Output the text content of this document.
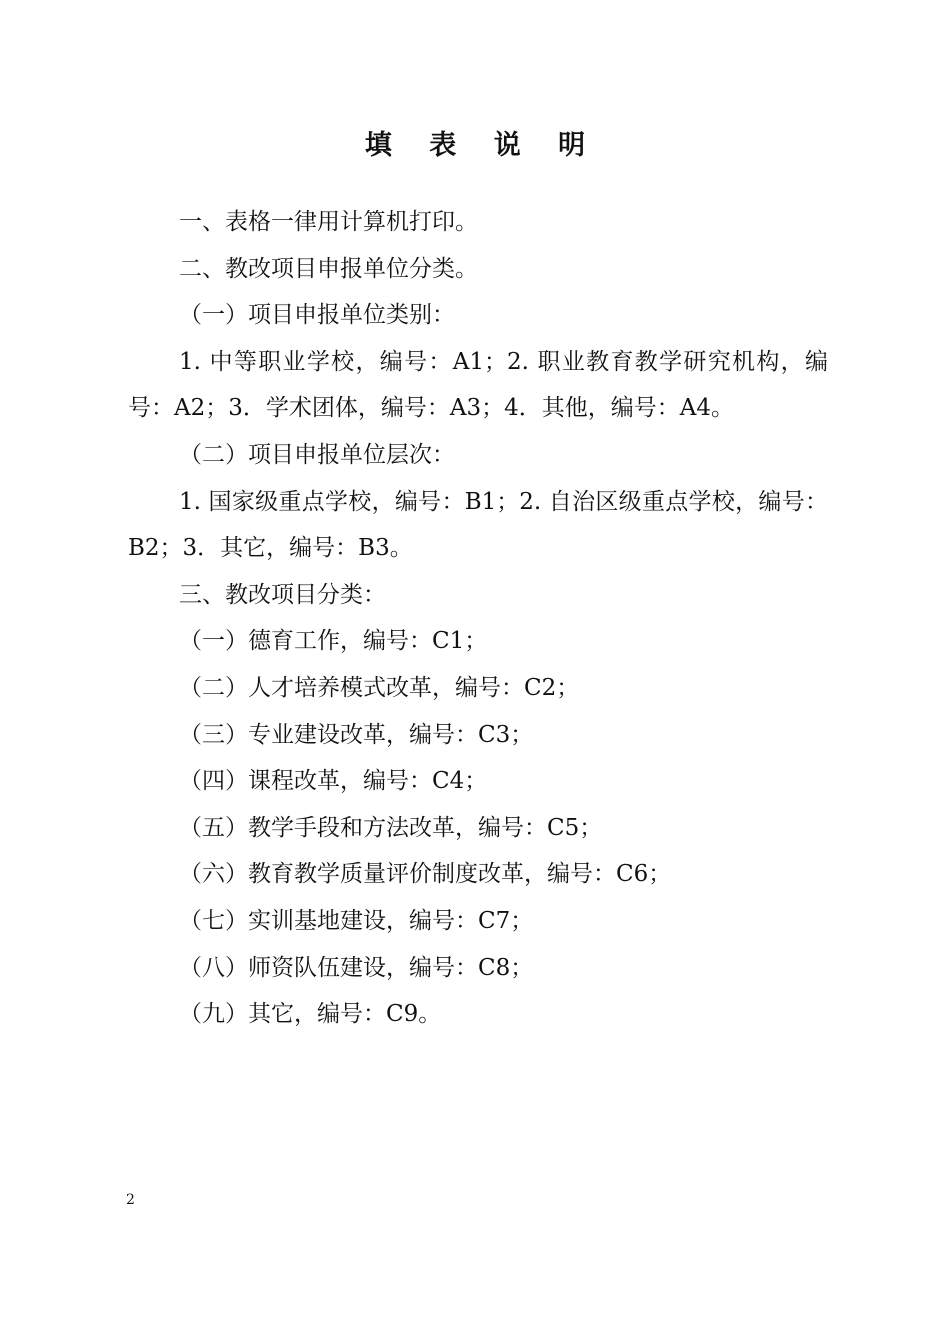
填 表 说 明

一、表格一律用计算机打印。

二、教改项目申报单位分类。

（一）项目申报单位类别：

1. 中等职业学校，编号：A1；2. 职业教育教学研究机构，编号：A2；3．学术团体，编号：A3；4．其他，编号：A4。

（二）项目申报单位层次：

1. 国家级重点学校，编号：B1；2. 自治区级重点学校，编号：B2；3．其它，编号：B3。

三、教改项目分类：

（一）德育工作，编号：C1；

（二）人才培养模式改革，编号：C2；

（三）专业建设改革，编号：C3；

（四）课程改革，编号：C4；

（五）教学手段和方法改革，编号：C5；

（六）教育教学质量评价制度改革，编号：C6；

（七）实训基地建设，编号：C7；

（八）师资队伍建设，编号：C8；

（九）其它，编号：C9。

2
